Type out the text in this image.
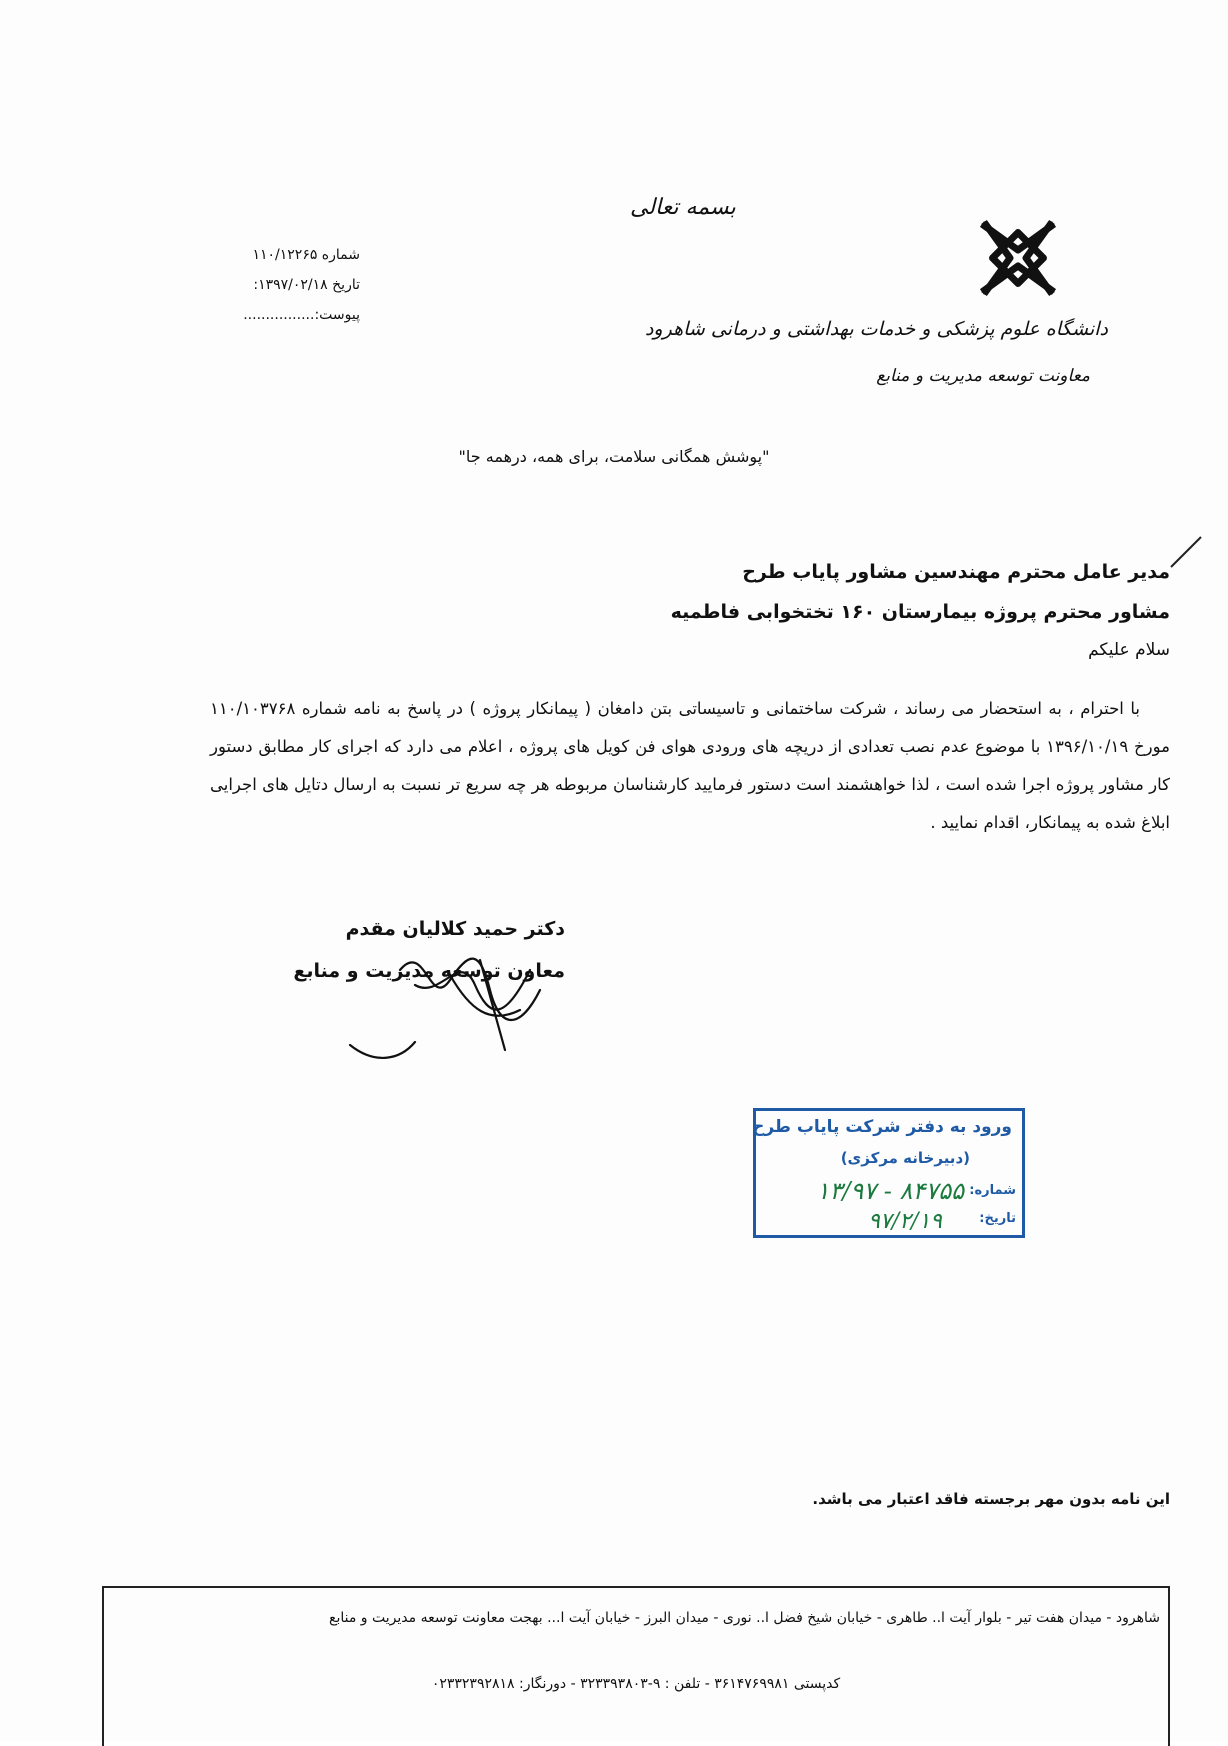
بسمه تعالی
دانشگاه علوم پزشکی و خدمات بهداشتی و درمانی شاهرود
معاونت توسعه مدیریت و منابع
شماره ۱۱۰/۱۲۲۶۵
تاریخ ۱۳۹۷/۰۲/۱۸:
پیوست:................
"پوشش همگانی سلامت، برای همه، درهمه جا"
مدیر عامل محترم مهندسین مشاور پایاب طرح
مشاور محترم پروژه بیمارستان ۱۶۰ تختخوابی فاطمیه
سلام علیکم
با احترام ، به استحضار می رساند ، شرکت ساختمانی و تاسیساتی بتن دامغان ( پیمانکار پروژه ) در پاسخ به نامه شماره ۱۱۰/۱۰۳۷۶۸ مورخ ۱۳۹۶/۱۰/۱۹ با موضوع عدم نصب تعدادی از دریچه های ورودی هوای فن کویل های پروژه ، اعلام می دارد که اجرای کار مطابق دستور کار مشاور پروژه اجرا شده است ، لذا خواهشمند است دستور فرمایید کارشناسان مربوطه هر چه سریع تر نسبت به ارسال دتایل های اجرایی ابلاغ شده به پیمانکار، اقدام نمایید .
دکتر حمید کلالیان مقدم
معاون توسعه مدیریت و منابع
ورود به دفتر شرکت پایاب طرح
(دبیرخانه مرکزی)
شماره:
تاریخ:
۱۳/۹۷ - ۸۴۷۵۵
۹۷/۲/۱۹
این نامه بدون مهر برجسته فاقد اعتبار می باشد.
شاهرود - میدان هفت تیر - بلوار آیت ا.. طاهری - خیابان شیخ فضل ا.. نوری - میدان البرز - خیابان آیت ا... بهجت معاونت توسعه مدیریت و منابع
کدپستی ۳۶۱۴۷۶۹۹۸۱ - تلفن : ۹-۳۲۳۳۹۳۸۰۳ - دورنگار: ۰۲۳۳۲۳۹۲۸۱۸
